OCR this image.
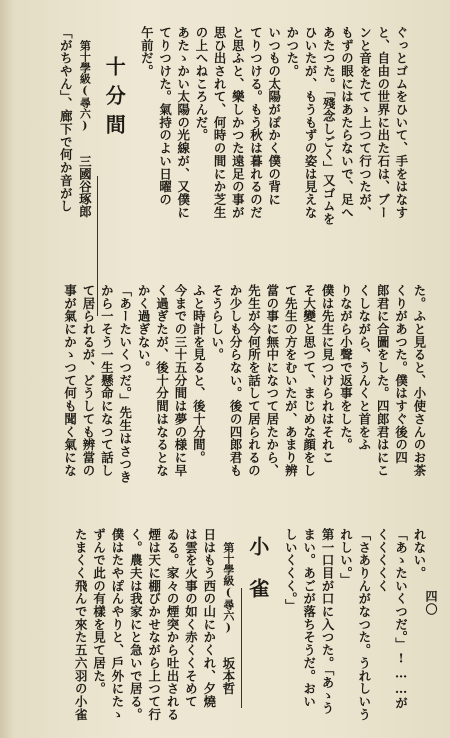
四〇
ぐっとゴムをひいて、手をはなす
と、自由の世界に出た石は、ブー
ンと音をたてゝ上つて行つたが、
もずの眼にはあたらないで、足へ
あたつた。「殘念しごく」又ゴムを
ひいたが、もうもずの姿は見えな
かつた。
いつもの太陽がぽかく僕の背に
てりつける。もう秋は暮れるのだ
と思ふと、樂しかつた遠足の事が
思ひ出されて、何時の間にか芝生
の上へねころんだ。
あたゝかい太陽の光線が、又僕に
てりつけた。氣持のよい日曜の
午前だ。
十分間
第十學級(尋六) 三國谷琢郎
「がちやん」、廊下で何か音がし
た。ふと見ると、小使さんのお茶
くりがあつた。僕はすぐ後の四
郎君に合圖をした。四郎君はにこ
くしながら、うんくと首をふ
りながら小聲で返事をした。
僕は先生に見つけられはそれこ
そ大變と思つて、まじめな顔をし
て先生の方をむいたが、あまり辨
當の事に無中になつて居たから、
先生が今何所を話して居られるの
か少しも分らない。後の四郎君も
そうらしい。
ふと時計を見ると、後十分間。
今までの三十五分間は夢の様に早
く過ぎたが、後十分間はなるとな
かく過ぎない。
「あーたいくつだ。」先生はさつき
から一そう一生懸命になつて話し
て居られるが、どうしても辨當の
事が氣にかゝつて何も聞く氣にな
れない。
「あゝたいくつだ。」!……が
くくくくく
「さありんがなつた。うれしいう
れしい。」
第一口目が口に入つた。「あゝう
まい。あごが落ちそうだ。おい
しいくくく。」
小雀
第十學級(尋六) 坂本哲
日はもう西の山にかくれ、夕燒
は雲を火事の如く赤くくそめて
ゐる。家々の煙突から吐出される
煙は天に棚びかせながら上つて行
く。農夫は我家にと急いで居る。
僕はたやぽんやりと、戶外にたゝ
ずんで此の有樣を見て居た。
たまくく飛んで來た五六羽の小雀
